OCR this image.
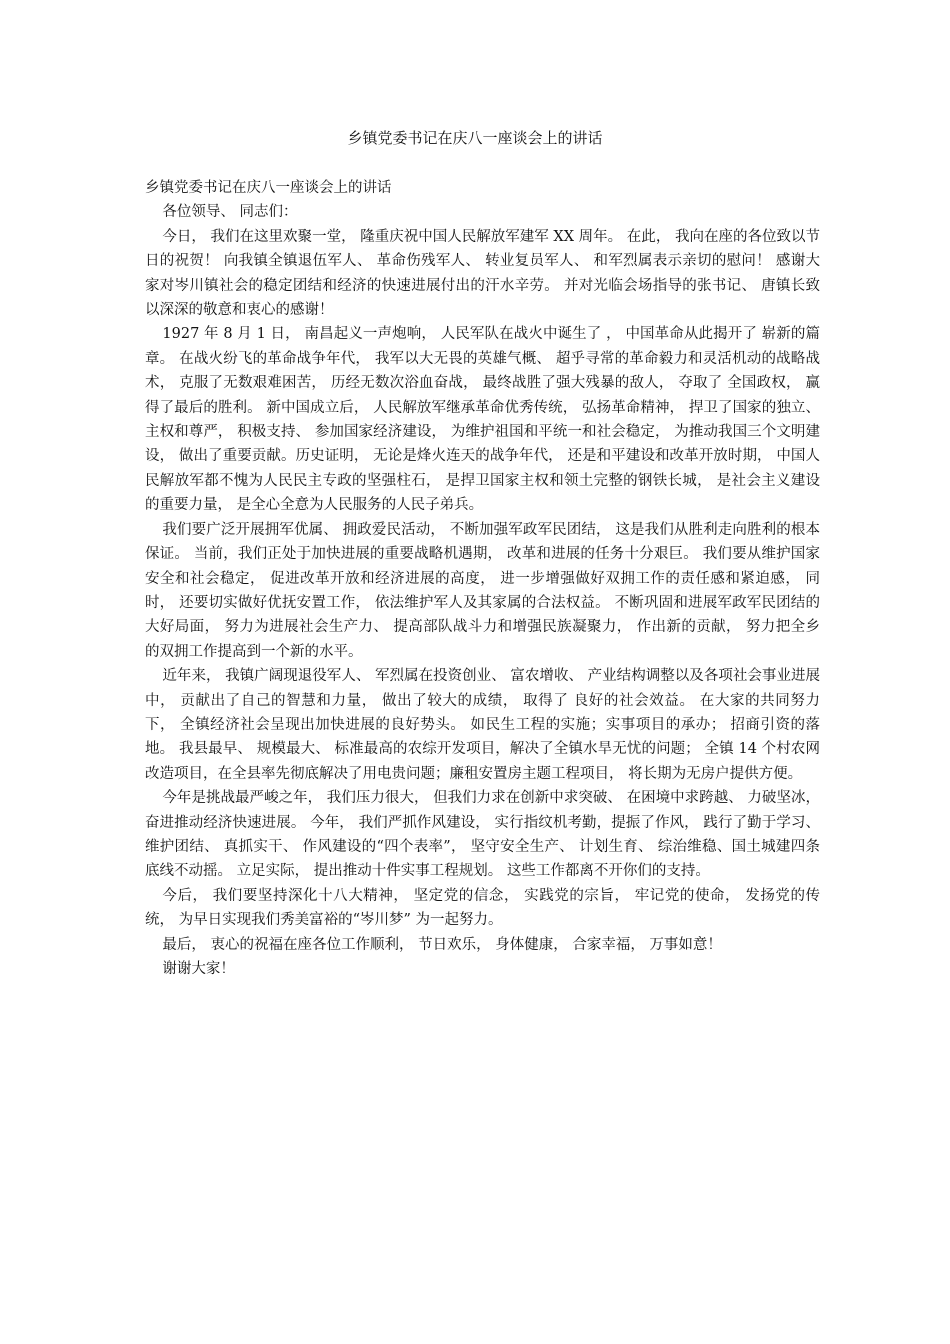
乡镇党委书记在庆八一座谈会上的讲话

乡镇党委书记在庆八一座谈会上的讲话

各位领导、 同志们：

今日， 我们在这里欢聚一堂， 隆重庆祝中国人民解放军建军 XX 周年。 在此， 我向在座的各位致以节日的祝贺！ 向我镇全镇退伍军人、 革命伤残军人、 转业复员军人、 和军烈属表示亲切的慰问！ 感谢大家对岑川镇社会的稳定团结和经济的快速进展付出的汗水辛劳。 并对光临会场指导的张书记、 唐镇长致以深深的敬意和衷心的感谢！

1927 年 8 月 1 日， 南昌起义一声炮响， 人民军队在战火中诞生了 ， 中国革命从此揭开了 崭新的篇章。 在战火纷飞的革命战争年代， 我军以大无畏的英雄气概、 超乎寻常的革命毅力和灵活机动的战略战术， 克服了无数艰难困苦， 历经无数次浴血奋战， 最终战胜了强大残暴的敌人， 夺取了 全国政权， 赢得了最后的胜利。 新中国成立后， 人民解放军继承革命优秀传统， 弘扬革命精神， 捍卫了国家的独立、 主权和尊严， 积极支持、 参加国家经济建设， 为维护祖国和平统一和社会稳定， 为推动我国三个文明建设， 做出了重要贡献。历史证明， 无论是烽火连天的战争年代， 还是和平建设和改革开放时期， 中国人民解放军都不愧为人民民主专政的坚强柱石， 是捍卫国家主权和领土完整的钢铁长城， 是社会主义建设的重要力量， 是全心全意为人民服务的人民子弟兵。

我们要广泛开展拥军优属、 拥政爱民活动， 不断加强军政军民团结， 这是我们从胜利走向胜利的根本保证。 当前，我们正处于加快进展的重要战略机遇期， 改革和进展的任务十分艰巨。 我们要从维护国家安全和社会稳定， 促进改革开放和经济进展的高度， 进一步增强做好双拥工作的责任感和紧迫感， 同时， 还要切实做好优抚安置工作， 依法维护军人及其家属的合法权益。 不断巩固和进展军政军民团结的大好局面， 努力为进展社会生产力、 提高部队战斗力和增强民族凝聚力， 作出新的贡献， 努力把全乡 的双拥工作提高到一个新的水平。

近年来， 我镇广阔现退役军人、 军烈属在投资创业、 富农增收、 产业结构调整以及各项社会事业进展中， 贡献出了自己的智慧和力量， 做出了较大的成绩， 取得了 良好的社会效益。 在大家的共同努力下， 全镇经济社会呈现出加快进展的良好势头。 如民生工程的实施；实事项目的承办； 招商引资的落地。 我县最早、 规模最大、 标准最高的农综开发项目，解决了全镇水旱无忧的问题； 全镇 14 个村农网改造项目，在全县率先彻底解决了用电贵问题；廉租安置房主题工程项目， 将长期为无房户提供方便。

今年是挑战最严峻之年， 我们压力很大， 但我们力求在创新中求突破、 在困境中求跨越、 力破坚冰， 奋进推动经济快速进展。 今年， 我们严抓作风建设， 实行指纹机考勤，提振了作风， 践行了勤于学习、 维护团结、 真抓实干、 作风建设的“四个表率”， 坚守安全生产、 计划生育、 综治维稳、国土城建四条底线不动摇。 立足实际， 提出推动十件实事工程规划。 这些工作都离不开你们的支持。

今后， 我们要坚持深化十八大精神， 坚定党的信念， 实践党的宗旨， 牢记党的使命， 发扬党的传统， 为早日实现我们秀美富裕的“岑川梦” 为一起努力。

最后， 衷心的祝福在座各位工作顺利， 节日欢乐， 身体健康， 合家幸福， 万事如意！

谢谢大家！
